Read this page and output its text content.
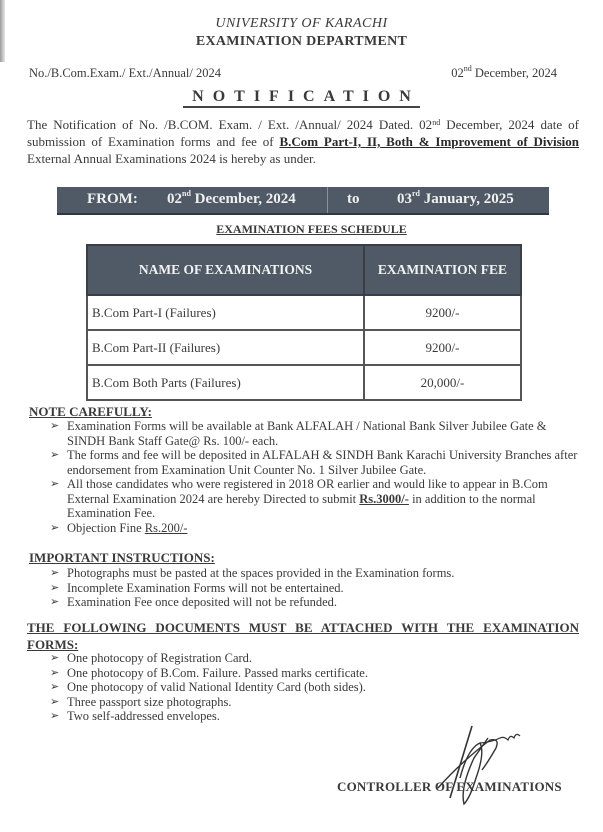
UNIVERSITY OF KARACHI
EXAMINATION DEPARTMENT
No./B.Com.Exam./ Ext./Annual/ 2024	02nd December, 2024
NOTIFICATION
The Notification of No. /B.COM. Exam. / Ext. /Annual/ 2024 Dated. 02nd December, 2024 date of submission of Examination forms and fee of B.Com Part-I, II, Both & Improvement of Division External Annual Examinations 2024 is hereby as under.
FROM: 02nd December, 2024	to	03rd January, 2025
EXAMINATION FEES SCHEDULE
NAME OF EXAMINATIONS	EXAMINATION FEE
B.Com Part-I (Failures)	9200/-
B.Com Part-II (Failures)	9200/-
B.Com Both Parts (Failures)	20,000/-
NOTE CAREFULLY:
➢ Examination Forms will be available at Bank ALFALAH / National Bank Silver Jubilee Gate & SINDH Bank Staff Gate@ Rs. 100/- each.
➢ The forms and fee will be deposited in ALFALAH & SINDH Bank Karachi University Branches after endorsement from Examination Unit Counter No. 1 Silver Jubilee Gate.
➢ All those candidates who were registered in 2018 OR earlier and would like to appear in B.Com External Examination 2024 are hereby Directed to submit Rs.3000/- in addition to the normal Examination Fee.
➢ Objection Fine Rs.200/-
IMPORTANT INSTRUCTIONS:
➢ Photographs must be pasted at the spaces provided in the Examination forms.
➢ Incomplete Examination Forms will not be entertained.
➢ Examination Fee once deposited will not be refunded.
THE FOLLOWING DOCUMENTS MUST BE ATTACHED WITH THE EXAMINATION FORMS:
➢ One photocopy of Registration Card.
➢ One photocopy of B.Com. Failure. Passed marks certificate.
➢ One photocopy of valid National Identity Card (both sides).
➢ Three passport size photographs.
➢ Two self-addressed envelopes.
CONTROLLER OF EXAMINATIONS
